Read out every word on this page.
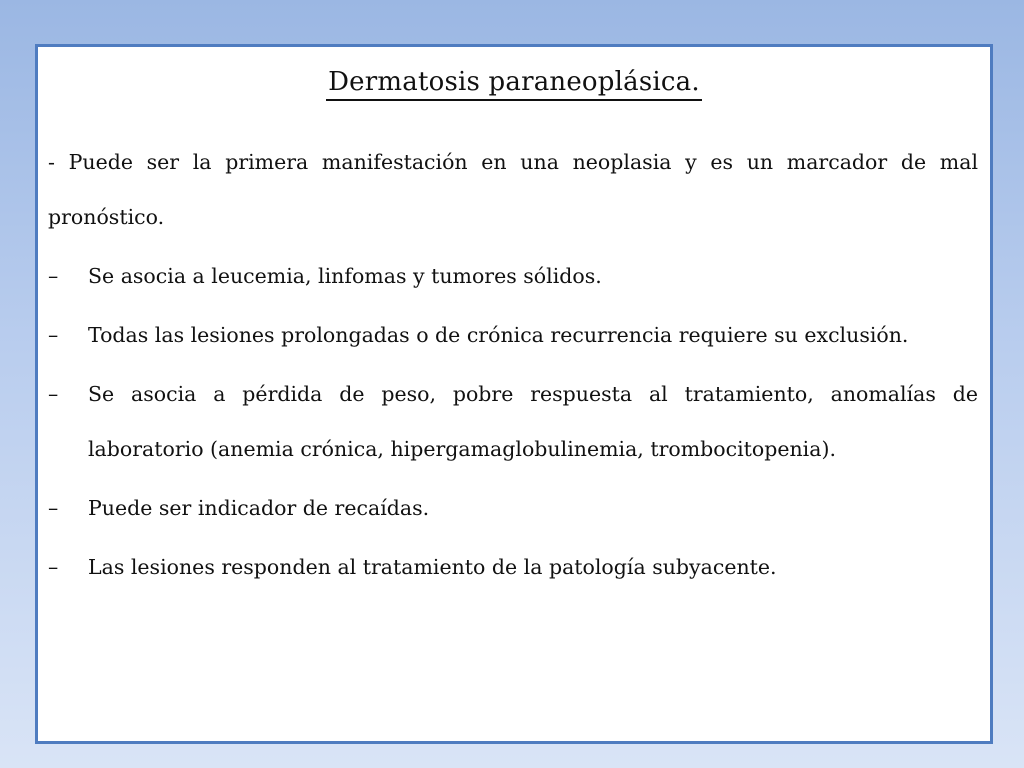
Dermatosis paraneoplásica.

- Puede ser la primera manifestación en una neoplasia y es un marcador de mal pronóstico.

–	Se asocia a leucemia, linfomas y tumores sólidos.
–	Todas las lesiones prolongadas o de crónica recurrencia requiere su exclusión.
–	Se asocia a pérdida de peso, pobre respuesta al tratamiento, anomalías de laboratorio (anemia crónica, hipergamaglobulinemia, trombocitopenia).
–	Puede ser indicador de recaídas.
–	Las lesiones responden al tratamiento de la patología subyacente.
